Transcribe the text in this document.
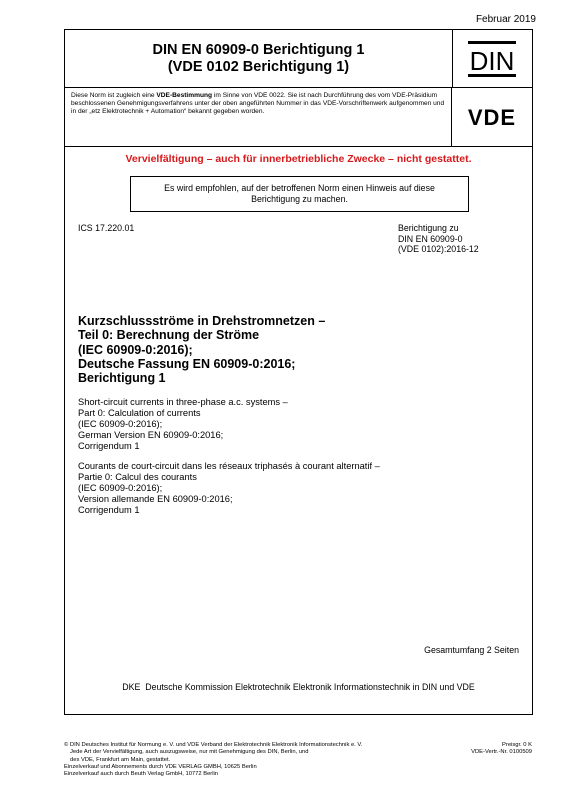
Februar 2019
DIN EN 60909-0 Berichtigung 1
(VDE 0102 Berichtigung 1)	DIN
Diese Norm ist zugleich eine VDE-Bestimmung im Sinne von VDE 0022. Sie ist nach Durchführung des vom VDE-Präsidium beschlossenen Genehmigungsverfahrens unter der oben angeführten Nummer in das VDE-Vorschriftenwerk aufgenommen und in der „etz Elektrotechnik + Automation“ bekannt gegeben worden.	VDE
Vervielfältigung – auch für innerbetriebliche Zwecke – nicht gestattet.
Es wird empfohlen, auf der betroffenen Norm einen Hinweis auf diese Berichtigung zu machen.
ICS 17.220.01	Berichtigung zu
DIN EN 60909-0
(VDE 0102):2016-12

Kurzschlussströme in Drehstromnetzen –
Teil 0: Berechnung der Ströme
(IEC 60909-0:2016);
Deutsche Fassung EN 60909-0:2016;
Berichtigung 1

Short-circuit currents in three-phase a.c. systems –
Part 0: Calculation of currents
(IEC 60909-0:2016);
German Version EN 60909-0:2016;
Corrigendum 1

Courants de court-circuit dans les réseaux triphasés à courant alternatif –
Partie 0: Calcul des courants
(IEC 60909-0:2016);
Version allemande EN 60909-0:2016;
Corrigendum 1

Gesamtumfang 2 Seiten
DKE  Deutsche Kommission Elektrotechnik Elektronik Informationstechnik in DIN und VDE
© DIN Deutsches Institut für Normung e. V. und VDE Verband der Elektrotechnik Elektronik Informationstechnik e. V.
Jede Art der Vervielfältigung, auch auszugsweise, nur mit Genehmigung des DIN, Berlin, und
des VDE, Frankfurt am Main, gestattet.
Einzelverkauf und Abonnements durch VDE VERLAG GMBH, 10625 Berlin
Einzelverkauf auch durch Beuth Verlag GmbH, 10772 Berlin
Preisgr. 0 K
VDE-Vertr.-Nr. 0100509
